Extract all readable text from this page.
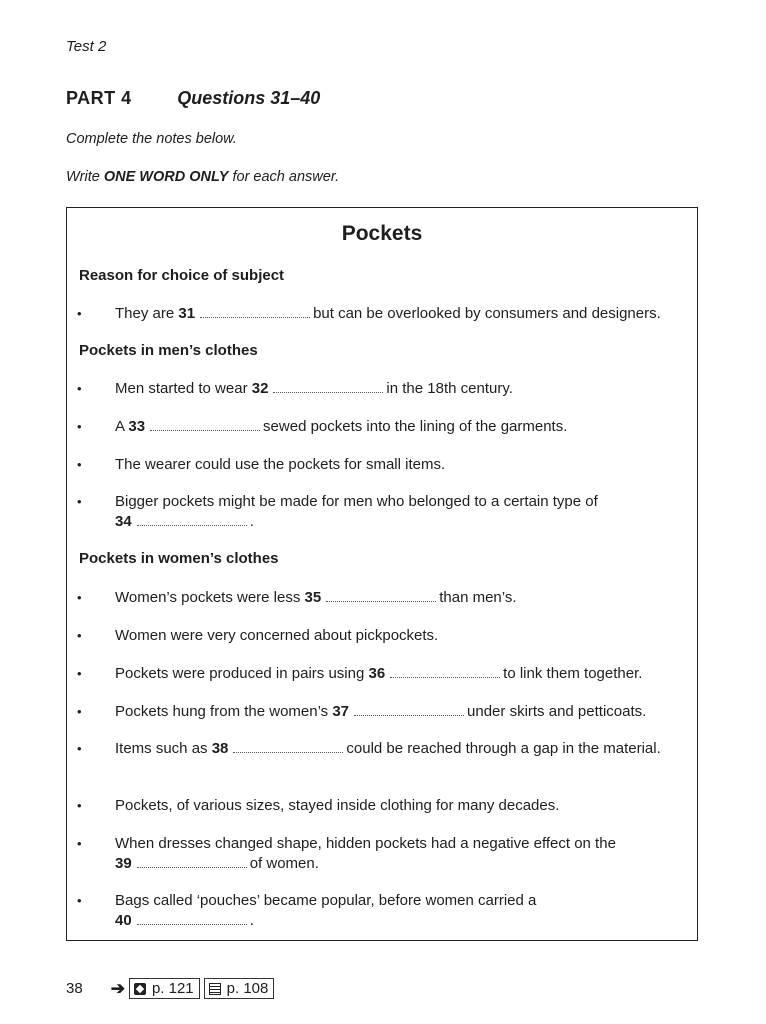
Test 2
PART 4	Questions 31–40
Complete the notes below.
Write ONE WORD ONLY for each answer.
Pockets
Reason for choice of subject
•	They are 31	but can be overlooked by consumers and designers.
Pockets in men’s clothes
•	Men started to wear 32	in the 18th century.
•	A 33	sewed pockets into the lining of the garments.
•	The wearer could use the pockets for small items.
•	Bigger pockets might be made for men who belonged to a certain type of
34	.
Pockets in women’s clothes
•	Women’s pockets were less 35	than men’s.
•	Women were very concerned about pickpockets.
•	Pockets were produced in pairs using 36	to link them together.
•	Pockets hung from the women’s 37	under skirts and petticoats.
•	Items such as 38	could be reached through a gap in the material.
•	Pockets, of various sizes, stayed inside clothing for many decades.
•	When dresses changed shape, hidden pockets had a negative effect on the
39	of women.
•	Bags called ‘pouches’ became popular, before women carried a
40	.
38 ➔ p. 121 p. 108
